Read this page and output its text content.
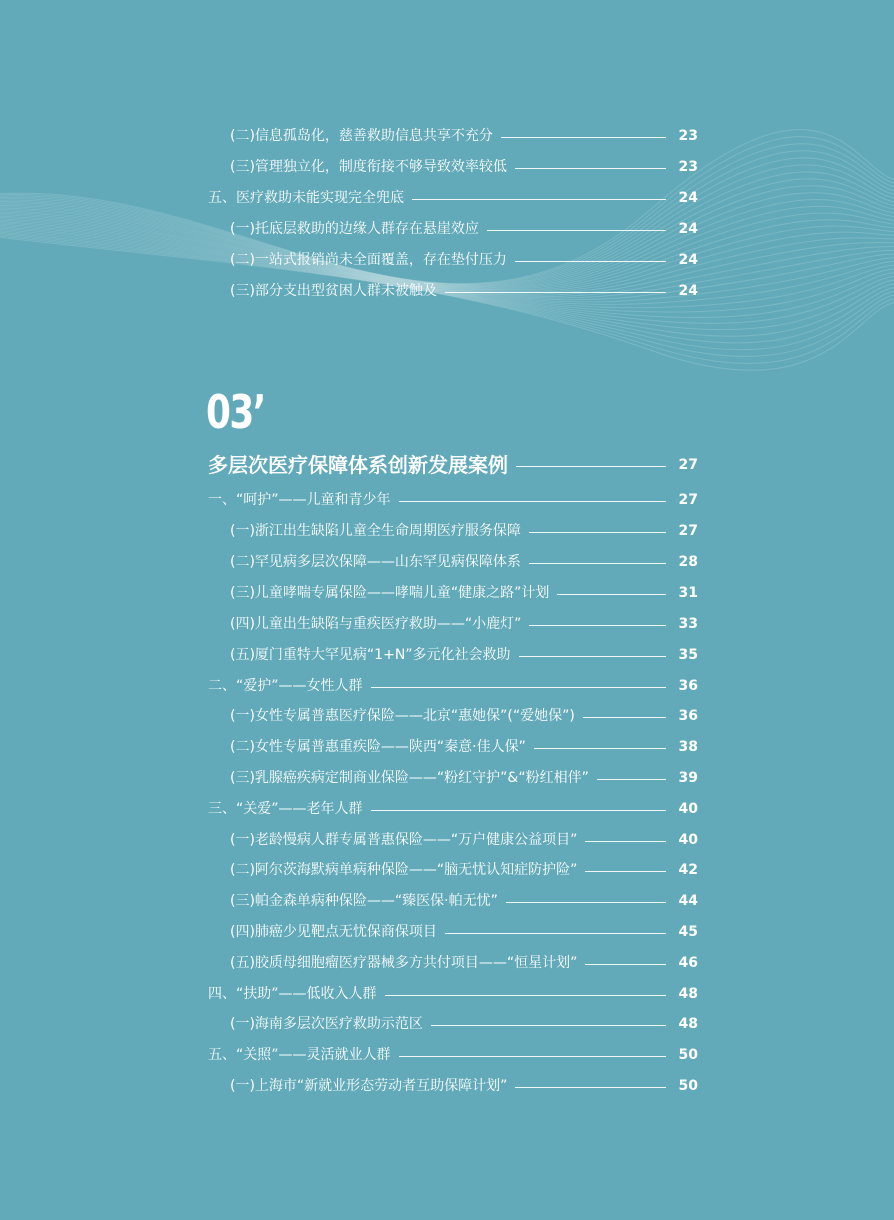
(二)信息孤岛化，慈善救助信息共享不充分	23
(三)管理独立化，制度衔接不够导致效率较低	23
五、医疗救助未能实现完全兜底	24
(一)托底层救助的边缘人群存在悬崖效应	24
(二)一站式报销尚未全面覆盖，存在垫付压力	24
(三)部分支出型贫困人群未被触及	24
03’
多层次医疗保障体系创新发展案例	27
一、“呵护”——儿童和青少年	27
(一)浙江出生缺陷儿童全生命周期医疗服务保障	27
(二)罕见病多层次保障——山东罕见病保障体系	28
(三)儿童哮喘专属保险——哮喘儿童“健康之路”计划	31
(四)儿童出生缺陷与重疾医疗救助——“小鹿灯”	33
(五)厦门重特大罕见病“1+N”多元化社会救助	35
二、“爱护”——女性人群	36
(一)女性专属普惠医疗保险——北京“惠她保”(“爱她保”)	36
(二)女性专属普惠重疾险——陕西“秦意·佳人保”	38
(三)乳腺癌疾病定制商业保险——“粉红守护”&“粉红相伴”	39
三、“关爱”——老年人群	40
(一)老龄慢病人群专属普惠保险——“万户健康公益项目”	40
(二)阿尔茨海默病单病种保险——“脑无忧认知症防护险”	42
(三)帕金森单病种保险——“臻医保·帕无忧”	44
(四)肺癌少见靶点无忧保商保项目	45
(五)胶质母细胞瘤医疗器械多方共付项目——“恒星计划”	46
四、“扶助”——低收入人群	48
(一)海南多层次医疗救助示范区	48
五、“关照”——灵活就业人群	50
(一)上海市“新就业形态劳动者互助保障计划”	50
